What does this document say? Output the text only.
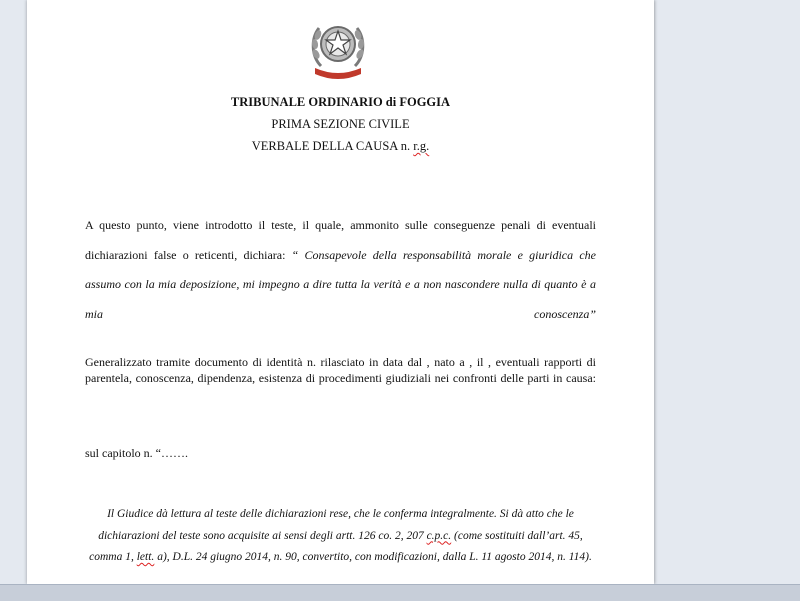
TRIBUNALE ORDINARIO di FOGGIA
PRIMA SEZIONE CIVILE
VERBALE DELLA CAUSA n. r.g.
A questo punto, viene introdotto il teste, il quale, ammonito sulle conseguenze penali di eventuali dichiarazioni false o reticenti, dichiara: “ Consapevole della responsabilità morale e giuridica che assumo con la mia deposizione, mi impegno a dire tutta la verità e a non nascondere nulla di quanto è a mia conoscenza”
Generalizzato tramite documento di identità n. rilasciato in data dal , nato a , il , eventuali rapporti di parentela, conoscenza, dipendenza, esistenza di procedimenti giudiziali nei confronti delle parti in causa:
sul capitolo n. “…….
Il Giudice dà lettura al teste delle dichiarazioni rese, che le conferma integralmente. Si dà atto che le dichiarazioni del teste sono acquisite ai sensi degli artt. 126 co. 2, 207 c.p.c. (come sostituiti dall’art. 45, comma 1, lett. a), D.L. 24 giugno 2014, n. 90, convertito, con modificazioni, dalla L. 11 agosto 2014, n. 114).
